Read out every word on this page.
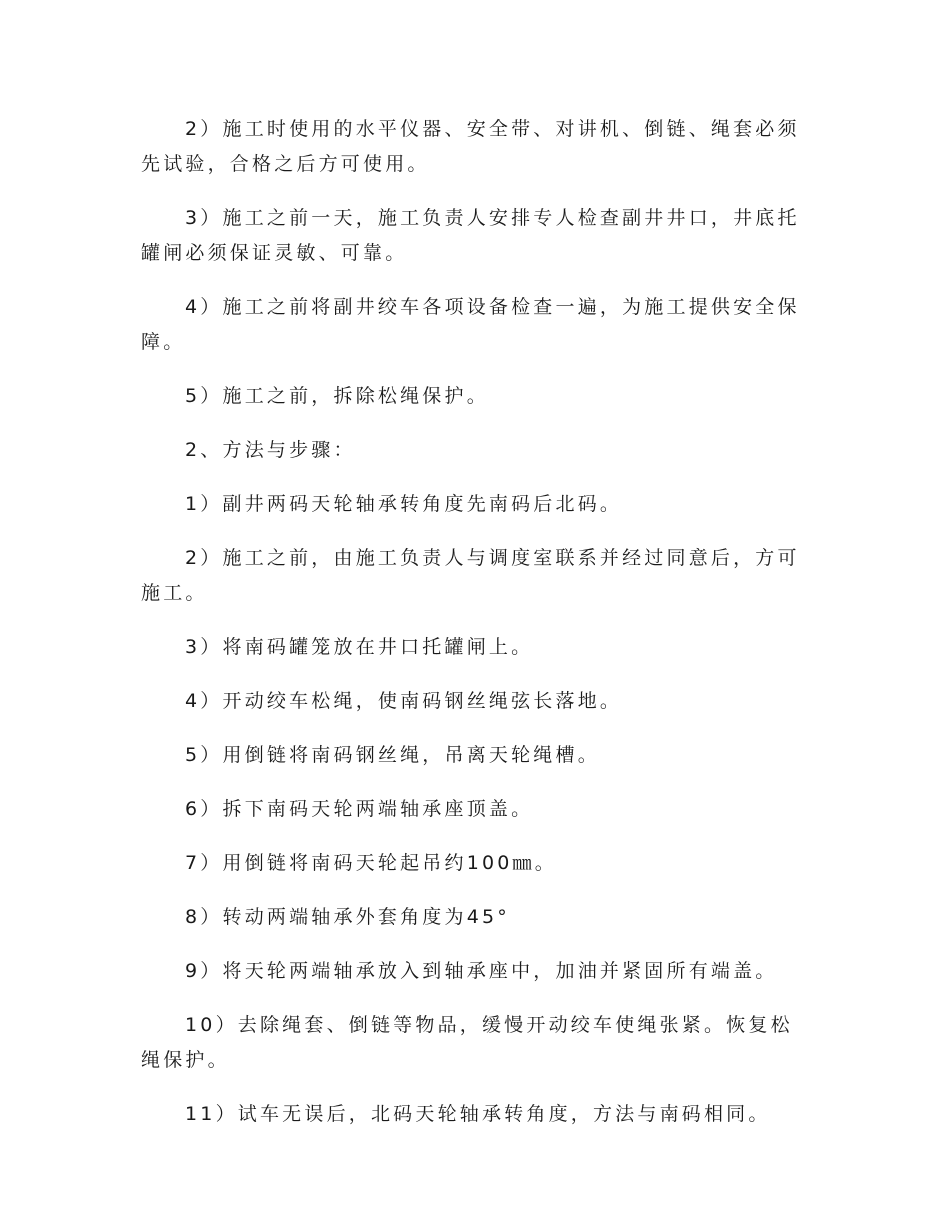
2）施工时使用的水平仪器、安全带、对讲机、倒链、绳套必须先试验，合格之后方可使用。

3）施工之前一天，施工负责人安排专人检查副井井口，井底托罐闸必须保证灵敏、可靠。

4）施工之前将副井绞车各项设备检查一遍，为施工提供安全保障。

5）施工之前，拆除松绳保护。

2、方法与步骤：

1）副井两码天轮轴承转角度先南码后北码。

2）施工之前，由施工负责人与调度室联系并经过同意后，方可施工。

3）将南码罐笼放在井口托罐闸上。

4）开动绞车松绳，使南码钢丝绳弦长落地。

5）用倒链将南码钢丝绳，吊离天轮绳槽。

6）拆下南码天轮两端轴承座顶盖。

7）用倒链将南码天轮起吊约100㎜。

8）转动两端轴承外套角度为45°

9）将天轮两端轴承放入到轴承座中，加油并紧固所有端盖。

10）去除绳套、倒链等物品，缓慢开动绞车使绳张紧。恢复松绳保护。

11）试车无误后，北码天轮轴承转角度，方法与南码相同。
